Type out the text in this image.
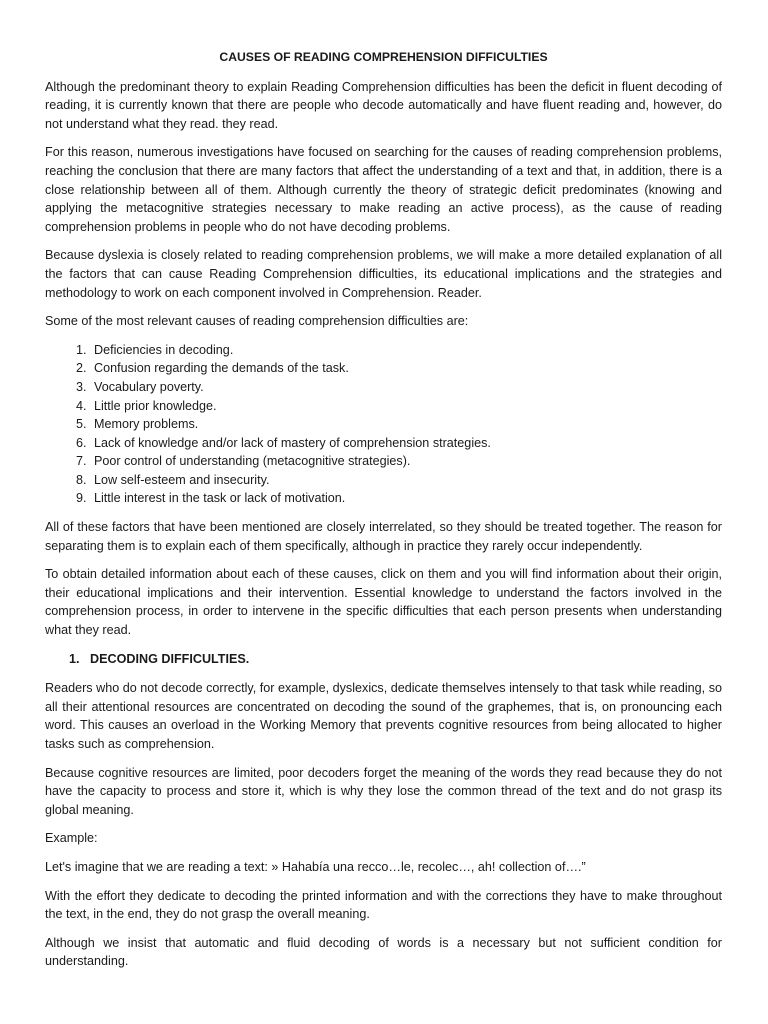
CAUSES OF READING COMPREHENSION DIFFICULTIES

Although the predominant theory to explain Reading Comprehension difficulties has been the deficit in fluent decoding of reading, it is currently known that there are people who decode automatically and have fluent reading and, however, do not understand what they read. they read.

For this reason, numerous investigations have focused on searching for the causes of reading comprehension problems, reaching the conclusion that there are many factors that affect the understanding of a text and that, in addition, there is a close relationship between all of them. Although currently the theory of strategic deficit predominates (knowing and applying the metacognitive strategies necessary to make reading an active process), as the cause of reading comprehension problems in people who do not have decoding problems.

Because dyslexia is closely related to reading comprehension problems, we will make a more detailed explanation of all the factors that can cause Reading Comprehension difficulties, its educational implications and the strategies and methodology to work on each component involved in Comprehension. Reader.

Some of the most relevant causes of reading comprehension difficulties are:

1. Deficiencies in decoding.
2. Confusion regarding the demands of the task.
3. Vocabulary poverty.
4. Little prior knowledge.
5. Memory problems.
6. Lack of knowledge and/or lack of mastery of comprehension strategies.
7. Poor control of understanding (metacognitive strategies).
8. Low self-esteem and insecurity.
9. Little interest in the task or lack of motivation.

All of these factors that have been mentioned are closely interrelated, so they should be treated together. The reason for separating them is to explain each of them specifically, although in practice they rarely occur independently.

To obtain detailed information about each of these causes, click on them and you will find information about their origin, their educational implications and their intervention. Essential knowledge to understand the factors involved in the comprehension process, in order to intervene in the specific difficulties that each person presents when understanding what they read.

1. DECODING DIFFICULTIES.

Readers who do not decode correctly, for example, dyslexics, dedicate themselves intensely to that task while reading, so all their attentional resources are concentrated on decoding the sound of the graphemes, that is, on pronouncing each word. This causes an overload in the Working Memory that prevents cognitive resources from being allocated to higher tasks such as comprehension.

Because cognitive resources are limited, poor decoders forget the meaning of the words they read because they do not have the capacity to process and store it, which is why they lose the common thread of the text and do not grasp its global meaning.

Example:

Let's imagine that we are reading a text: » Hahabía una recco…le, recolec…, ah! collection of….”

With the effort they dedicate to decoding the printed information and with the corrections they have to make throughout the text, in the end, they do not grasp the overall meaning.

Although we insist that automatic and fluid decoding of words is a necessary but not sufficient condition for understanding.
